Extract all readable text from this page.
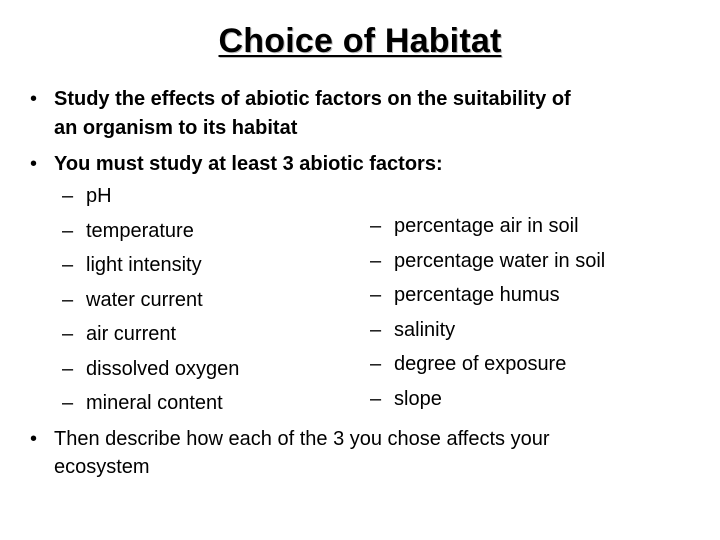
Choice of Habitat
• Study the effects of abiotic factors on the suitability of
an organism to its habitat
• You must study at least 3 abiotic factors:
– pH
– temperature
– light intensity
– water current
– air current
– dissolved oxygen
– mineral content
– percentage air in soil
– percentage water in soil
– percentage humus
– salinity
– degree of exposure
– slope
• Then describe how each of the 3 you chose affects your
ecosystem
